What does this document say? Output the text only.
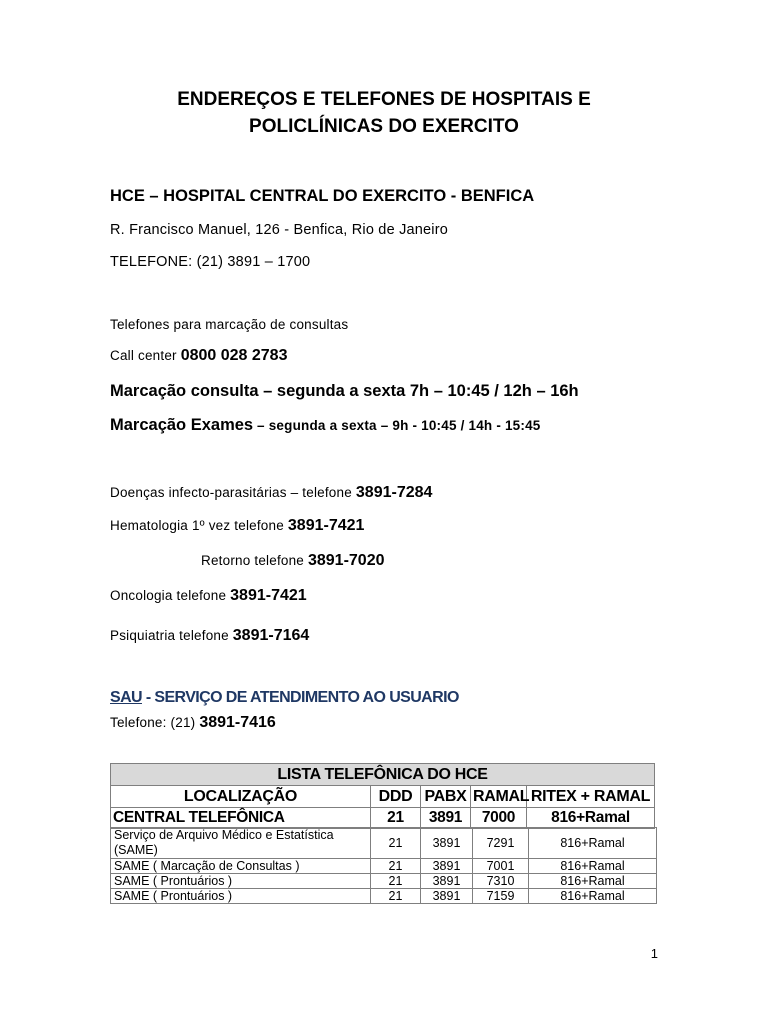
ENDEREÇOS E TELEFONES DE HOSPITAIS E
POLICLÍNICAS DO EXERCITO
HCE – HOSPITAL CENTRAL DO EXERCITO - BENFICA
R. Francisco Manuel, 126 - Benfica, Rio de Janeiro
TELEFONE: (21) 3891 – 1700
Telefones para marcação de consultas
Call center 0800 028 2783
Marcação consulta – segunda a sexta 7h – 10:45 / 12h – 16h
Marcação Exames – segunda a sexta – 9h - 10:45 / 14h - 15:45
Doenças infecto-parasitárias – telefone 3891-7284
Hematologia 1º vez telefone 3891-7421
Retorno telefone 3891-7020
Oncologia telefone 3891-7421
Psiquiatria telefone 3891-7164
SAU - SERVIÇO DE ATENDIMENTO AO USUARIO
Telefone: (21) 3891-7416
LISTA TELEFÔNICA DO HCE				
LOCALIZAÇÃO	DDD	PABX	RAMAL	RITEX + RAMAL
CENTRAL TELEFÔNICA	21	3891	7000	816+Ramal
Serviço de Arquivo Médico e Estatística (SAME)	21	3891	7291	816+Ramal
SAME ( Marcação de Consultas )	21	3891	7001	816+Ramal
SAME ( Prontuários )	21	3891	7310	816+Ramal
SAME ( Prontuários )	21	3891	7159	816+Ramal
1
